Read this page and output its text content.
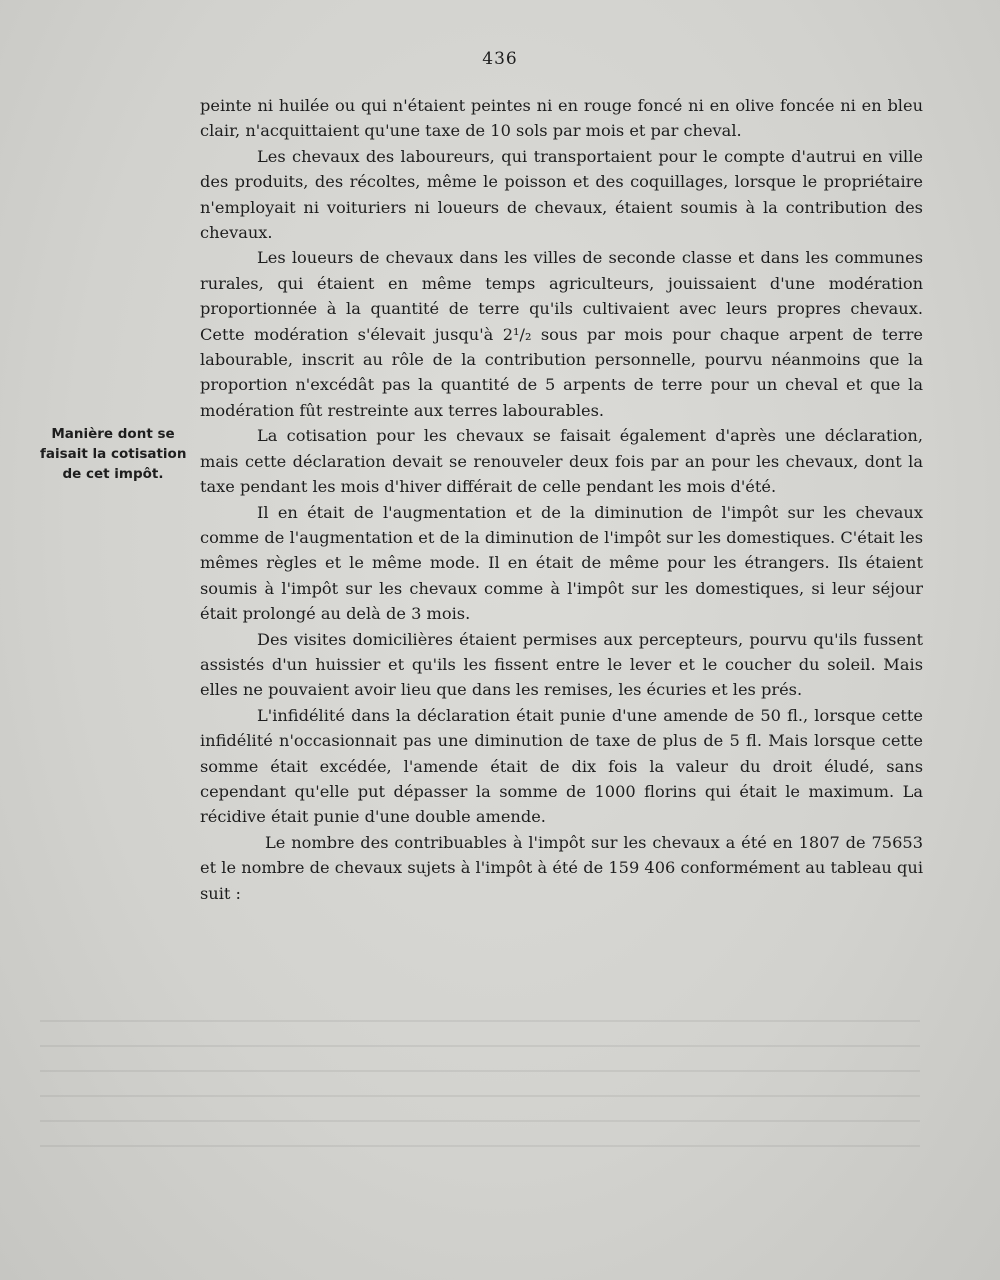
436
Manière dont se
faisait la cotisation
de cet impôt.

peinte ni huilée ou qui n'étaient peintes ni en rouge foncé ni en olive foncée ni en bleu clair, n'acquittaient qu'une taxe de 10 sols par mois et par cheval.

Les chevaux des laboureurs, qui transportaient pour le compte d'autrui en ville des produits, des récoltes, même le poisson et des coquillages, lorsque le propriétaire n'employait ni voituriers ni loueurs de chevaux, étaient soumis à la contribution des chevaux.

Les loueurs de chevaux dans les villes de seconde classe et dans les communes rurales, qui étaient en même temps agriculteurs, jouissaient d'une modération proportionnée à la quantité de terre qu'ils cultivaient avec leurs propres chevaux. Cette modération s'élevait jusqu'à 2¹/₂ sous par mois pour chaque arpent de terre labourable, inscrit au rôle de la contribution personnelle, pourvu néanmoins que la proportion n'excédât pas la quantité de 5 arpents de terre pour un cheval et que la modération fût restreinte aux terres labourables.

La cotisation pour les chevaux se faisait également d'après une déclaration, mais cette déclaration devait se renouveler deux fois par an pour les chevaux, dont la taxe pendant les mois d'hiver différait de celle pendant les mois d'été.

Il en était de l'augmentation et de la diminution de l'impôt sur les chevaux comme de l'augmentation et de la diminution de l'impôt sur les domestiques. C'était les mêmes règles et le même mode. Il en était de même pour les étrangers. Ils étaient soumis à l'impôt sur les chevaux comme à l'impôt sur les domestiques, si leur séjour était prolongé au delà de 3 mois.

Des visites domicilières étaient permises aux percepteurs, pourvu qu'ils fussent assistés d'un huissier et qu'ils les fissent entre le lever et le coucher du soleil. Mais elles ne pouvaient avoir lieu que dans les remises, les écuries et les prés.

L'infidélité dans la déclaration était punie d'une amende de 50 fl., lorsque cette infidélité n'occasionnait pas une diminution de taxe de plus de 5 fl. Mais lorsque cette somme était excédée, l'amende était de dix fois la valeur du droit éludé, sans cependant qu'elle put dépasser la somme de 1000 florins qui était le maximum. La récidive était punie d'une double amende.

Le nombre des contribuables à l'impôt sur les chevaux a été en 1807 de 75653 et le nombre de chevaux sujets à l'impôt à été de 159 406 conformément au tableau qui suit :
